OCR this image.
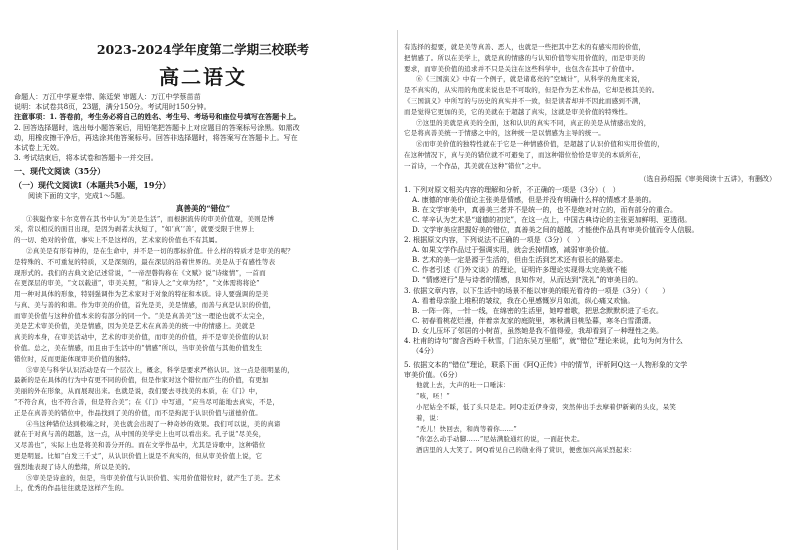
2023-2024学年度第二学期三校联考
高二语文
命题人：万江中学夏幸带、陈廷荣 审题人：万江中学蔡苗苗
说明：本试卷共8页，23题，满分150分。考试用时150分钟。
注意事项：1. 答卷前，考生务必将自己的姓名、考生号、考场号和座位号填写在答题卡上。
2. 回答选择题时，选出每小题答案后，用铅笔把答题卡上对应题目的答案标号涂黑。如需改
动，用橡皮擦干净后，再选涂其他答案标号。回答非选择题时，将答案写在答题卡上。写在
本试卷上无效。
3. 考试结束后，将本试卷和答题卡一并交回。
一、现代文阅读（35分）
（一）现代文阅读Ⅰ（本题共5小题，19分）
阅读下面的文字，完成1～5题。
真善美的“错位”
①狭隘作家卡尔克曾在其书中认为“美是生活”，而根据流传的审美价值观，美则是博
采，常以相反的面目出现，是因为剥者太执短了，“如‘真’‘善’，就要受限于世界上
的一切、绝对的价值，事实上不是这样的，艺术家的价值也不有其属。
②真美是有形有神的，是在生命中，并不是一切的那标价值。什么样的特质才是审美的呢？
是特殊的、不可重复的特质，又是深刻的，最在深层的沿着世界的。美是从于有感性等表
现形式的。我们的古典文论记述常说，“一帝涅磬钩称在《文赋》说“诗缘情”，一首而
在更深层的审美，“文以载道”，审美关照，“和诗人之“文章为经”，“文体需将将论”
用一种对具体的形象，特别强调作为艺术家对于对象的特征和本质。诗人要强调的是美
与真、美与善的和谐。作为审美的价值，首先是美，美是情感，而善与真是认识的价值，
而审美价值与这种价值本来的有部分的同一个。“美是真善美”这一理论也就不太完全，
美是艺术审美价值，美是情感，因为美是艺术在真善美的统一中的情感上。美就是
真美的本身，在审美活动中，艺术的审美价值，而审美的价值，并不是审美价值的认识
价值。总之，美在情感，而且由于生活中的“情感”所以，当审美价值与其他价值发生
错位时，反而更能体现审美价值的独特。
③审美与科学认识活动是有一个层次上，概念，科学是要求严格认识。这一点是很明显的，
最新的是在具体的行为中有更不同的价值，但是作家对这个错位而产生的价值，有更加
美丽的外在形象，从而展现出来。也就是说，我们要去寻找美的本质，在《门》中，
“不符合真，也不符合善，但是符合美”；在《门》中写道，“应当尽可能地去真实，不是，
正是在真善美的错位中，作品找到了美的价值，而不是拘泥于认识价值与道德价值。
④当这种错位达到极端之时，美也就会出现了一种奇妙的效果。我们可以说，美的真谛
就在于对真与善的超越，这一点，从中国的美学史上也可以看出来。孔子说“尽美矣，
又尽善也”，实际上也是将美和善分开的。而在文学作品中，尤其是诗歌中，这种错位
更是明显。比如“白发三千丈”，从认识价值上说是不真实的，但从审美价值上说，它
强烈地表现了诗人的愁绪，所以是美的。
⑤审美是诗意的，但是，当审美价值与认识价值、实用价值错位时，就产生了美。艺术
上，优秀的作品往往就是这样产生的。
有选择的提要，就是美等真善、恶人，也就是一些把其中艺术的有感实用的价值，
把情感了。所以在美学上，就是真的情感的与认知价值等实用价值的，而是审美的
要求，而审美价值的追求并不只是关注在这些科学中，也包含在其中了价值中。
⑥《三国演义》中有一个例子，就是诸葛亮的“空城计”，从科学的角度来说，
是不真实的，从实用的角度来说也是不可取的，但是作为艺术作品，它却是极其美的。
《三国演义》中所写的与历史的真实并不一致，但是读者却并不因此而感到不满，
而是觉得它更加的美，它的美就在于超越了真实，这就是审美价值的特殊性。
⑦这里的美就是真美的全面，这和认识的真实不同，真正的美是从情感出发的，
它是将真善美统一于情感之中的，这种统一是以情感为主导的统一。
⑧而审美价值的独特性就在于它是一种情感价值，是超越了认识价值和实用价值的，
在这种情况下，真与美的错位就不可避免了，而这种错位恰恰是审美的本质所在，
一首诗，一个作品，其美就在这种“错位”之中。
（选自孙绍振《审美阅读十五讲》，有删改）
1. 下列对原文相关内容的理解和分析，不正确的一项是（3分）（　）
A. 康德的审美价值论主张美是情感，但是并没有明确什么样的情感才是美的。
B. 在文学审美中，真善美三者并不是统一的，也不是绝对对立的，而有部分的重合。
C. 苹辛认为艺术是“道德的初完”，在这一点上，中国古典诗论的主张更加鲜明、更透彻。
D. 文学审美应把握好美的错位，真善美之间的超越，才能使作品具有审美价值而令人信服。
2. 根据原文内容，下列说法不正确的一项是（3分）（　）
A. 如果文学作品过于强调实用，就会丢掉情感，减弱审美价值。
B. 艺术的美一定是源于生活的，但由生活到艺术还有很长的路要走。
C. 作者引述《门外文谈》的理论，证明许多理论实现得太完美就不能
D. “情感逆行”是与诗者的情感，良知作对，从而达到“洗礼”的审美目的。
3. 依据文章内容，以下生活中的场景不能以审美的眼光看待的一项是（3分）（　　）
A. 看着母亲脸上堆积的皱纹，我在心里感慨岁月如流，纵心痛又欢愉。
B. 一阵一阵，一针一线，在绵密的生活里，她哼着歌，把思念默默织进了毛衣。
C. 初春看桃花烂漫，伴着亲友家的庭院里，寒秋满目桃坠暮，寒冬白雪潇潇。
D. 女儿压坏了邻居的小树苗，虽然她是我不值得爱，我却看到了一种理性之美。
4. 杜甫的诗句“窗含西岭千秋雪，门泊东吴万里船”，就“错位”理论来说，此句为何为什么
（4分）
5. 依据文本的“错位”理论，联系下面《阿Q正传》中的情节，评析阿Q这一人物形象的文学
审美价值。（6分）
他就上去，大声的吐一口唾沫：
“咳，呸！”
小尼姑全不睬，低了头只是走。阿Q走近伊身旁，突然伸出手去摩着伊新剃的头皮，呆笑
着，说：
“秃儿！快回去，和尚等着你……”
“你怎么动手动脚……”尼姑满脸通红的说，一面赶快走。
酒店里的人大笑了。阿Q看见自己的勋业得了赏识，便愈加兴高采烈起来：
